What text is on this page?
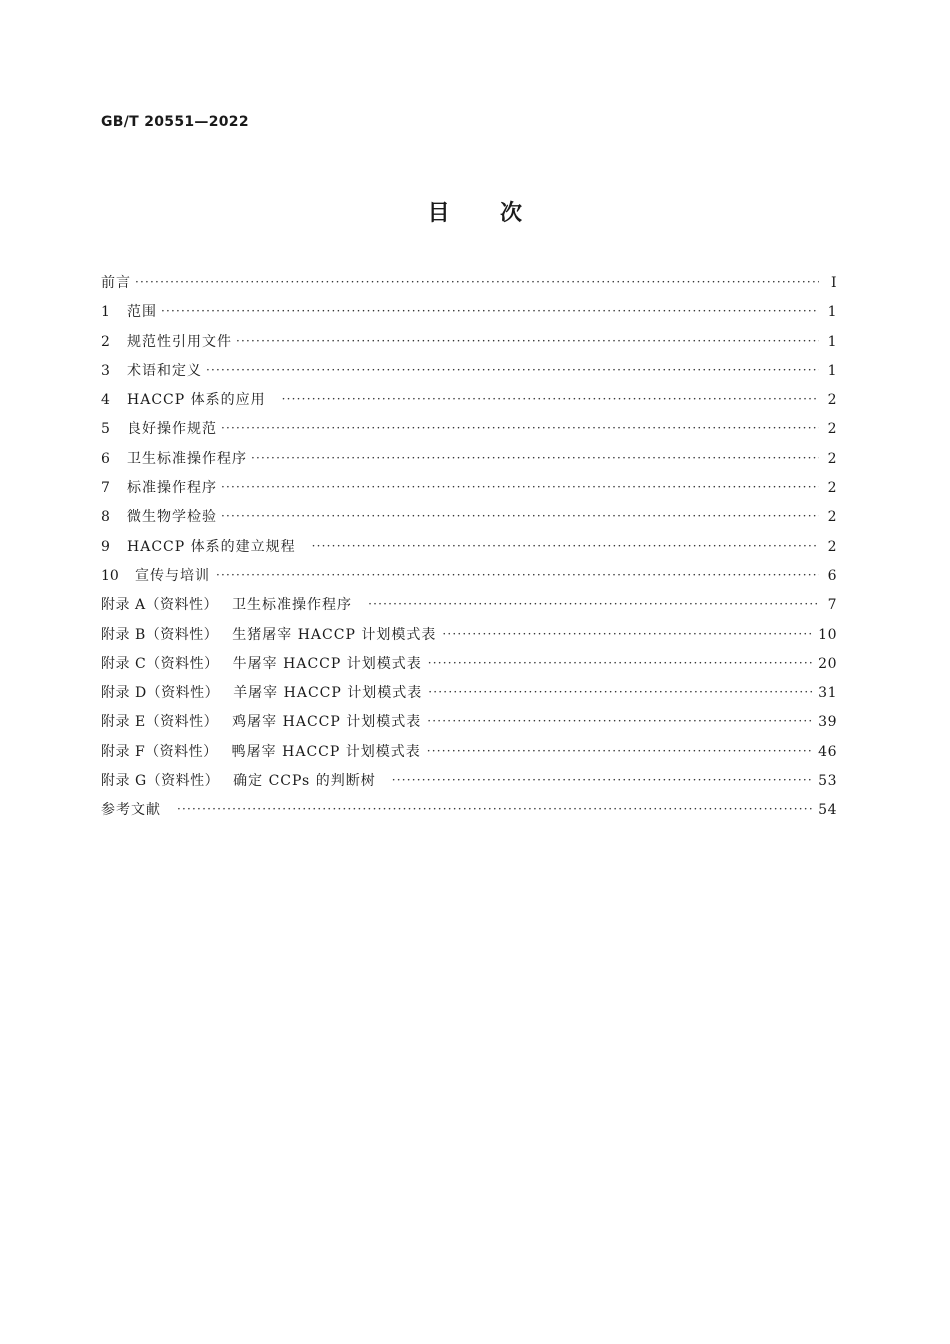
GB/T 20551—2022
目 次
前言 ·····	Ⅰ
1	范围 ·····	1
2	规范性引用文件 ·····	1
3	术语和定义 ·····	1
4	HACCP 体系的应用 ·····	2
5	良好操作规范 ·····	2
6	卫生标准操作程序 ·····	2
7	标准操作程序 ·····	2
8	微生物学检验 ·····	2
9	HACCP 体系的建立规程 ·····	2
10	宣传与培训 ·····	6
附录 A（资料性） 卫生标准操作程序 ·····	7
附录 B（资料性） 生猪屠宰 HACCP 计划模式表 ·····	10
附录 C（资料性） 牛屠宰 HACCP 计划模式表 ·····	20
附录 D（资料性） 羊屠宰 HACCP 计划模式表 ·····	31
附录 E（资料性） 鸡屠宰 HACCP 计划模式表 ·····	39
附录 F（资料性） 鸭屠宰 HACCP 计划模式表 ·····	46
附录 G（资料性） 确定 CCPs 的判断树 ·····	53
参考文献 ·····	54
